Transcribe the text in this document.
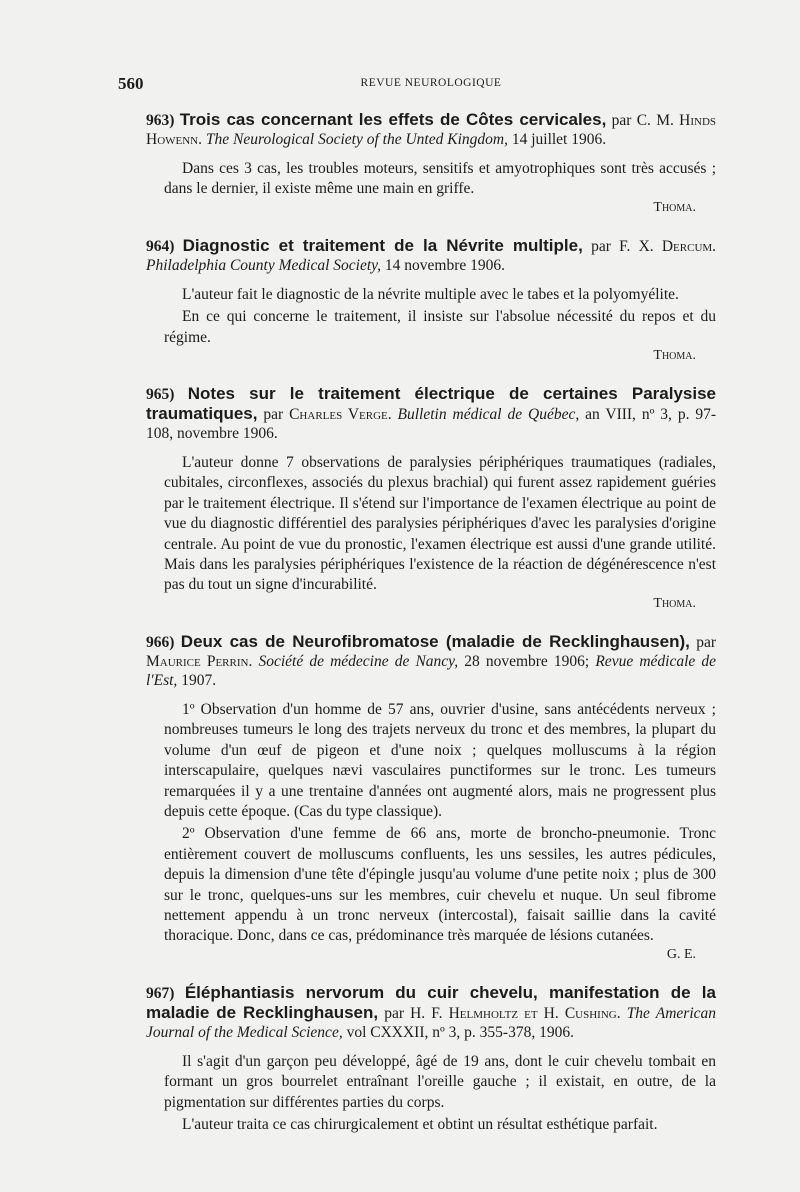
560	REVUE NEUROLOGIQUE
963) Trois cas concernant les effets de Côtes cervicales, par C. M. Hinds Howenn. The Neurological Society of the Unted Kingdom, 14 juillet 1906.

Dans ces 3 cas, les troubles moteurs, sensitifs et amyotrophiques sont très accusés ; dans le dernier, il existe même une main en griffe.

Thoma.
964) Diagnostic et traitement de la Névrite multiple, par F. X. Dercum. Philadelphia County Medical Society, 14 novembre 1906.

L'auteur fait le diagnostic de la névrite multiple avec le tabes et la polyomyélite.

En ce qui concerne le traitement, il insiste sur l'absolue nécessité du repos et du régime.

Thoma.
965) Notes sur le traitement électrique de certaines Paralysise traumatiques, par Charles Verge. Bulletin médical de Québec, an VIII, nº 3, p. 97-108, novembre 1906.

L'auteur donne 7 observations de paralysies périphériques traumatiques (radiales, cubitales, circonflexes, associés du plexus brachial) qui furent assez rapidement guéries par le traitement électrique. Il s'étend sur l'importance de l'examen électrique au point de vue du diagnostic différentiel des paralysies périphériques d'avec les paralysies d'origine centrale. Au point de vue du pronostic, l'examen électrique est aussi d'une grande utilité. Mais dans les paralysies périphériques l'existence de la réaction de dégénérescence n'est pas du tout un signe d'incurabilité.

Thoma.
966) Deux cas de Neurofibromatose (maladie de Recklinghausen), par Maurice Perrin. Société de médecine de Nancy, 28 novembre 1906; Revue médicale de l'Est, 1907.

1º Observation d'un homme de 57 ans, ouvrier d'usine, sans antécédents nerveux ; nombreuses tumeurs le long des trajets nerveux du tronc et des membres, la plupart du volume d'un œuf de pigeon et d'une noix ; quelques molluscums à la région interscapulaire, quelques nævi vasculaires punctiformes sur le tronc. Les tumeurs remarquées il y a une trentaine d'années ont augmenté alors, mais ne progressent plus depuis cette époque. (Cas du type classique).

2º Observation d'une femme de 66 ans, morte de broncho-pneumonie. Tronc entièrement couvert de molluscums confluents, les uns sessiles, les autres pédicules, depuis la dimension d'une tête d'épingle jusqu'au volume d'une petite noix ; plus de 300 sur le tronc, quelques-uns sur les membres, cuir chevelu et nuque. Un seul fibrome nettement appendu à un tronc nerveux (intercostal), faisait saillie dans la cavité thoracique. Donc, dans ce cas, prédominance très marquée de lésions cutanées.

G. E.
967) Éléphantiasis nervorum du cuir chevelu, manifestation de la maladie de Recklinghausen, par H. F. Helmholtz et H. Cushing. The American Journal of the Medical Science, vol CXXXII, nº 3, p. 355-378, 1906.

Il s'agit d'un garçon peu développé, âgé de 19 ans, dont le cuir chevelu tombait en formant un gros bourrelet entraînant l'oreille gauche ; il existait, en outre, de la pigmentation sur différentes parties du corps.

L'auteur traita ce cas chirurgicalement et obtint un résultat esthétique parfait.
